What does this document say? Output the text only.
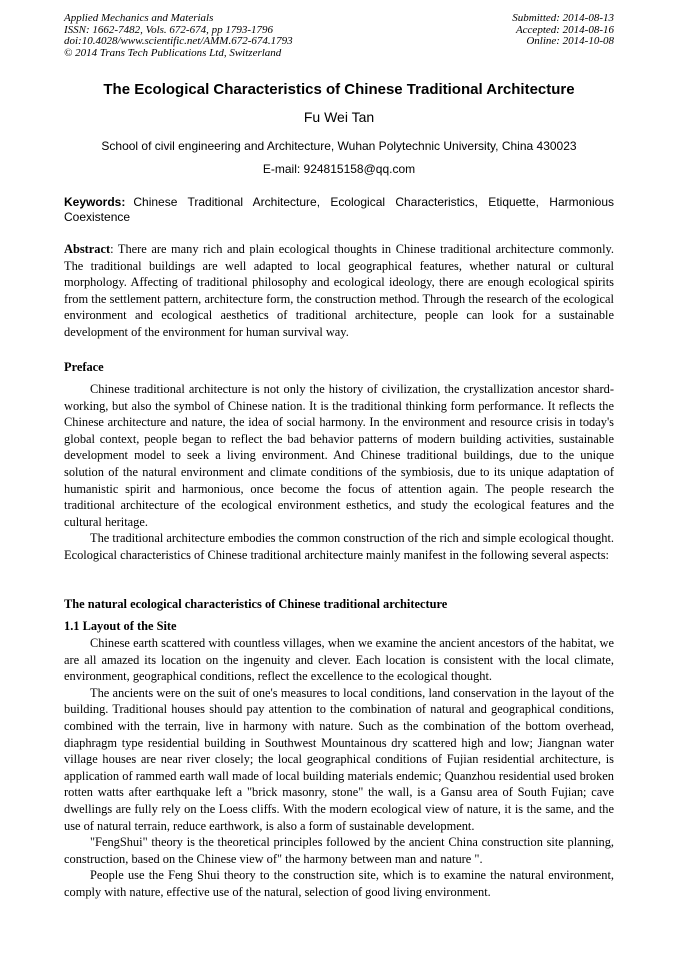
Applied Mechanics and Materials
ISSN: 1662-7482, Vols. 672-674, pp 1793-1796
doi:10.4028/www.scientific.net/AMM.672-674.1793
© 2014 Trans Tech Publications Ltd, Switzerland
Submitted: 2014-08-13
Accepted: 2014-08-16
Online: 2014-10-08
The Ecological Characteristics of Chinese Traditional Architecture
Fu Wei Tan
School of civil engineering and Architecture, Wuhan Polytechnic University, China 430023
E-mail: 924815158@qq.com
Keywords: Chinese Traditional Architecture, Ecological Characteristics, Etiquette, Harmonious Coexistence

Abstract: There are many rich and plain ecological thoughts in Chinese traditional architecture commonly. The traditional buildings are well adapted to local geographical features, whether natural or cultural morphology. Affecting of traditional philosophy and ecological ideology, there are enough ecological spirits from the settlement pattern, architecture form, the construction method. Through the research of the ecological environment and ecological aesthetics of traditional architecture, people can look for a sustainable development of the environment for human survival way.

Preface

Chinese traditional architecture is not only the history of civilization, the crystallization ancestor shard-working, but also the symbol of Chinese nation. It is the traditional thinking form performance. It reflects the Chinese architecture and nature, the idea of social harmony. In the environment and resource crisis in today's global context, people began to reflect the bad behavior patterns of modern building activities, sustainable development model to seek a living environment. And Chinese traditional buildings, due to the unique solution of the natural environment and climate conditions of the symbiosis, due to its unique adaptation of humanistic spirit and harmonious, once become the focus of attention again. The people research the traditional architecture of the ecological environment esthetics, and study the ecological features and the cultural heritage.

The traditional architecture embodies the common construction of the rich and simple ecological thought. Ecological characteristics of Chinese traditional architecture mainly manifest in the following several aspects:

The natural ecological characteristics of Chinese traditional architecture
1.1 Layout of the Site

Chinese earth scattered with countless villages, when we examine the ancient ancestors of the habitat, we are all amazed its location on the ingenuity and clever. Each location is consistent with the local climate, environment, geographical conditions, reflect the excellence to the ecological thought.

The ancients were on the suit of one's measures to local conditions, land conservation in the layout of the building. Traditional houses should pay attention to the combination of natural and geographical conditions, combined with the terrain, live in harmony with nature. Such as the combination of the bottom overhead, diaphragm type residential building in Southwest Mountainous dry scattered high and low; Jiangnan water village houses are near river closely; the local geographical conditions of Fujian residential architecture, is application of rammed earth wall made of local building materials endemic; Quanzhou residential used broken rotten watts after earthquake left a "brick masonry, stone" the wall, is a Gansu area of South Fujian; cave dwellings are fully rely on the Loess cliffs. With the modern ecological view of nature, it is the same, and the use of natural terrain, reduce earthwork, is also a form of sustainable development.

"FengShui" theory is the theoretical principles followed by the ancient China construction site planning, construction, based on the Chinese view of" the harmony between man and nature ".

People use the Feng Shui theory to the construction site, which is to examine the natural environment, comply with nature, effective use of the natural, selection of good living environment.
